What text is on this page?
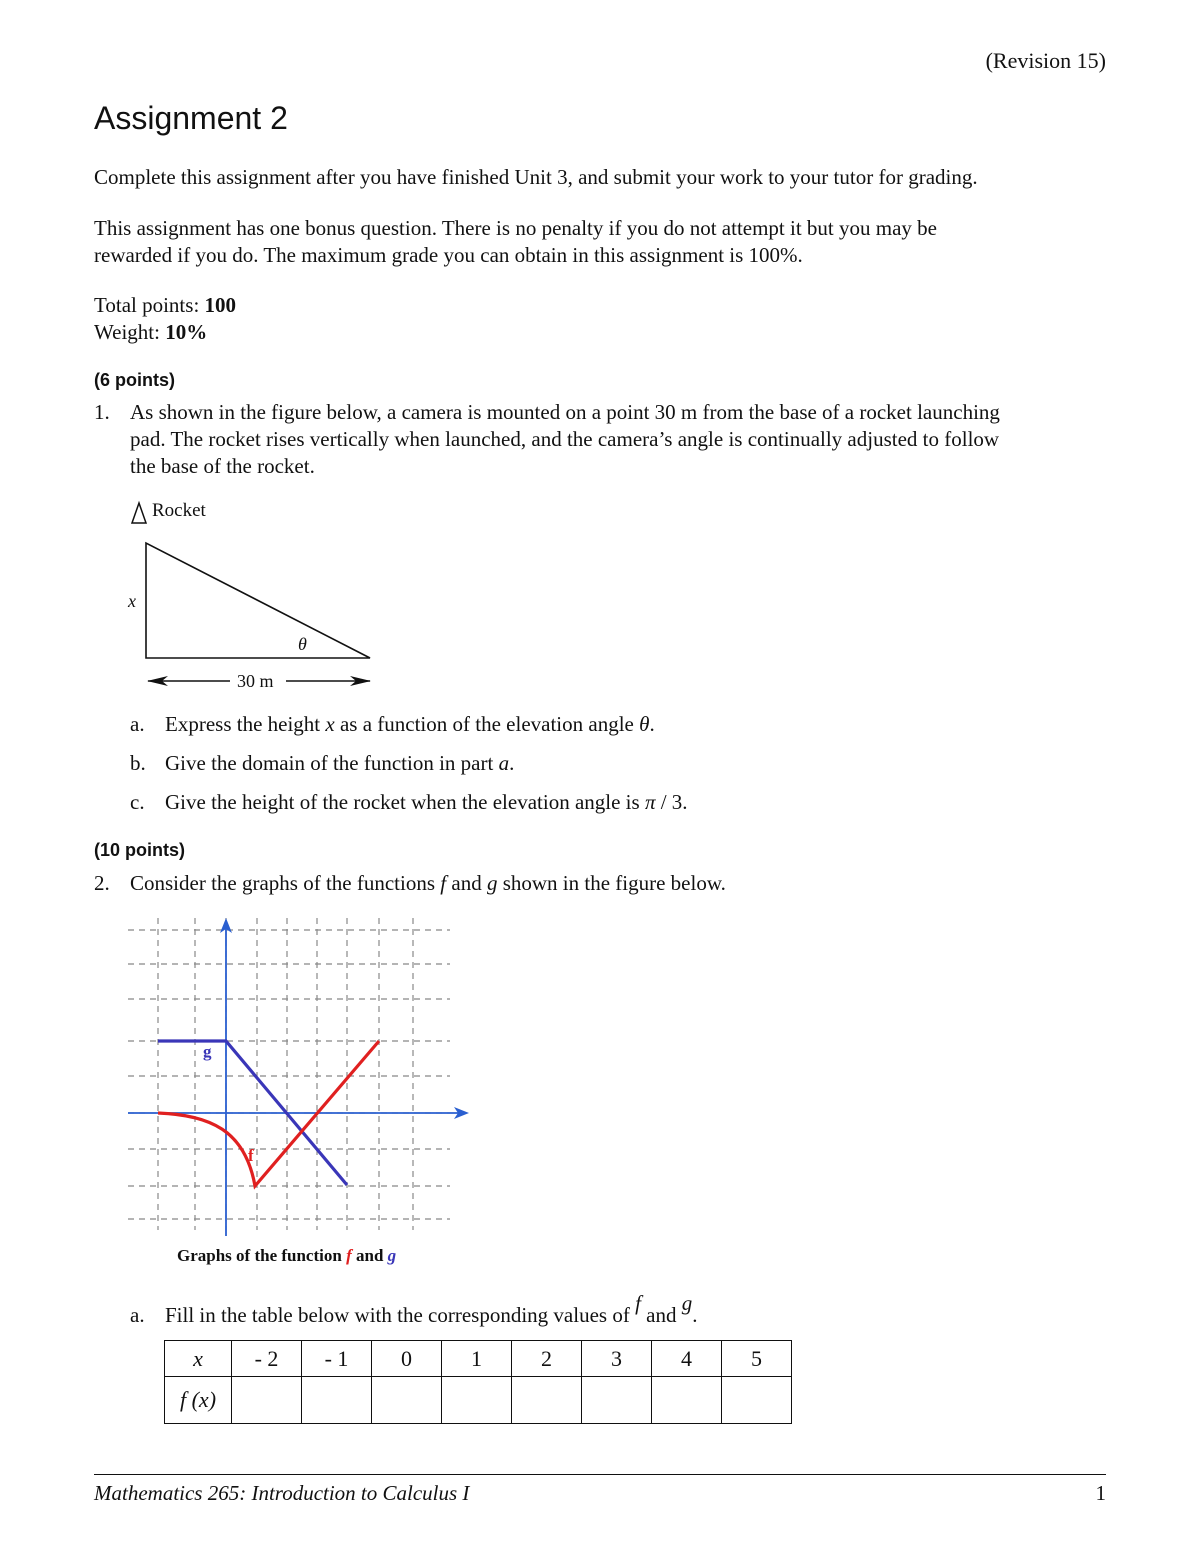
(Revision 15)
Assignment 2
Complete this assignment after you have finished Unit 3, and submit your work to your tutor for grading.
This assignment has one bonus question. There is no penalty if you do not attempt it but you may be
rewarded if you do. The maximum grade you can obtain in this assignment is 100%.
Total points: 100
Weight: 10%
(6 points)
1. As shown in the figure below, a camera is mounted on a point 30 m from the base of a rocket launching
pad. The rocket rises vertically when launched, and the camera’s angle is continually adjusted to follow
the base of the rocket.
Rocket
x
θ
30 m
a. Express the height x as a function of the elevation angle θ.
b. Give the domain of the function in part a.
c. Give the height of the rocket when the elevation angle is π / 3.
(10 points)
2. Consider the graphs of the functions f and g shown in the figure below.
g
f
Graphs of the function f and g
a. Fill in the table below with the corresponding values of f and g.
x	- 2	- 1	0	1	2	3	4	5
f (x)								
Mathematics 265: Introduction to Calculus I	1
